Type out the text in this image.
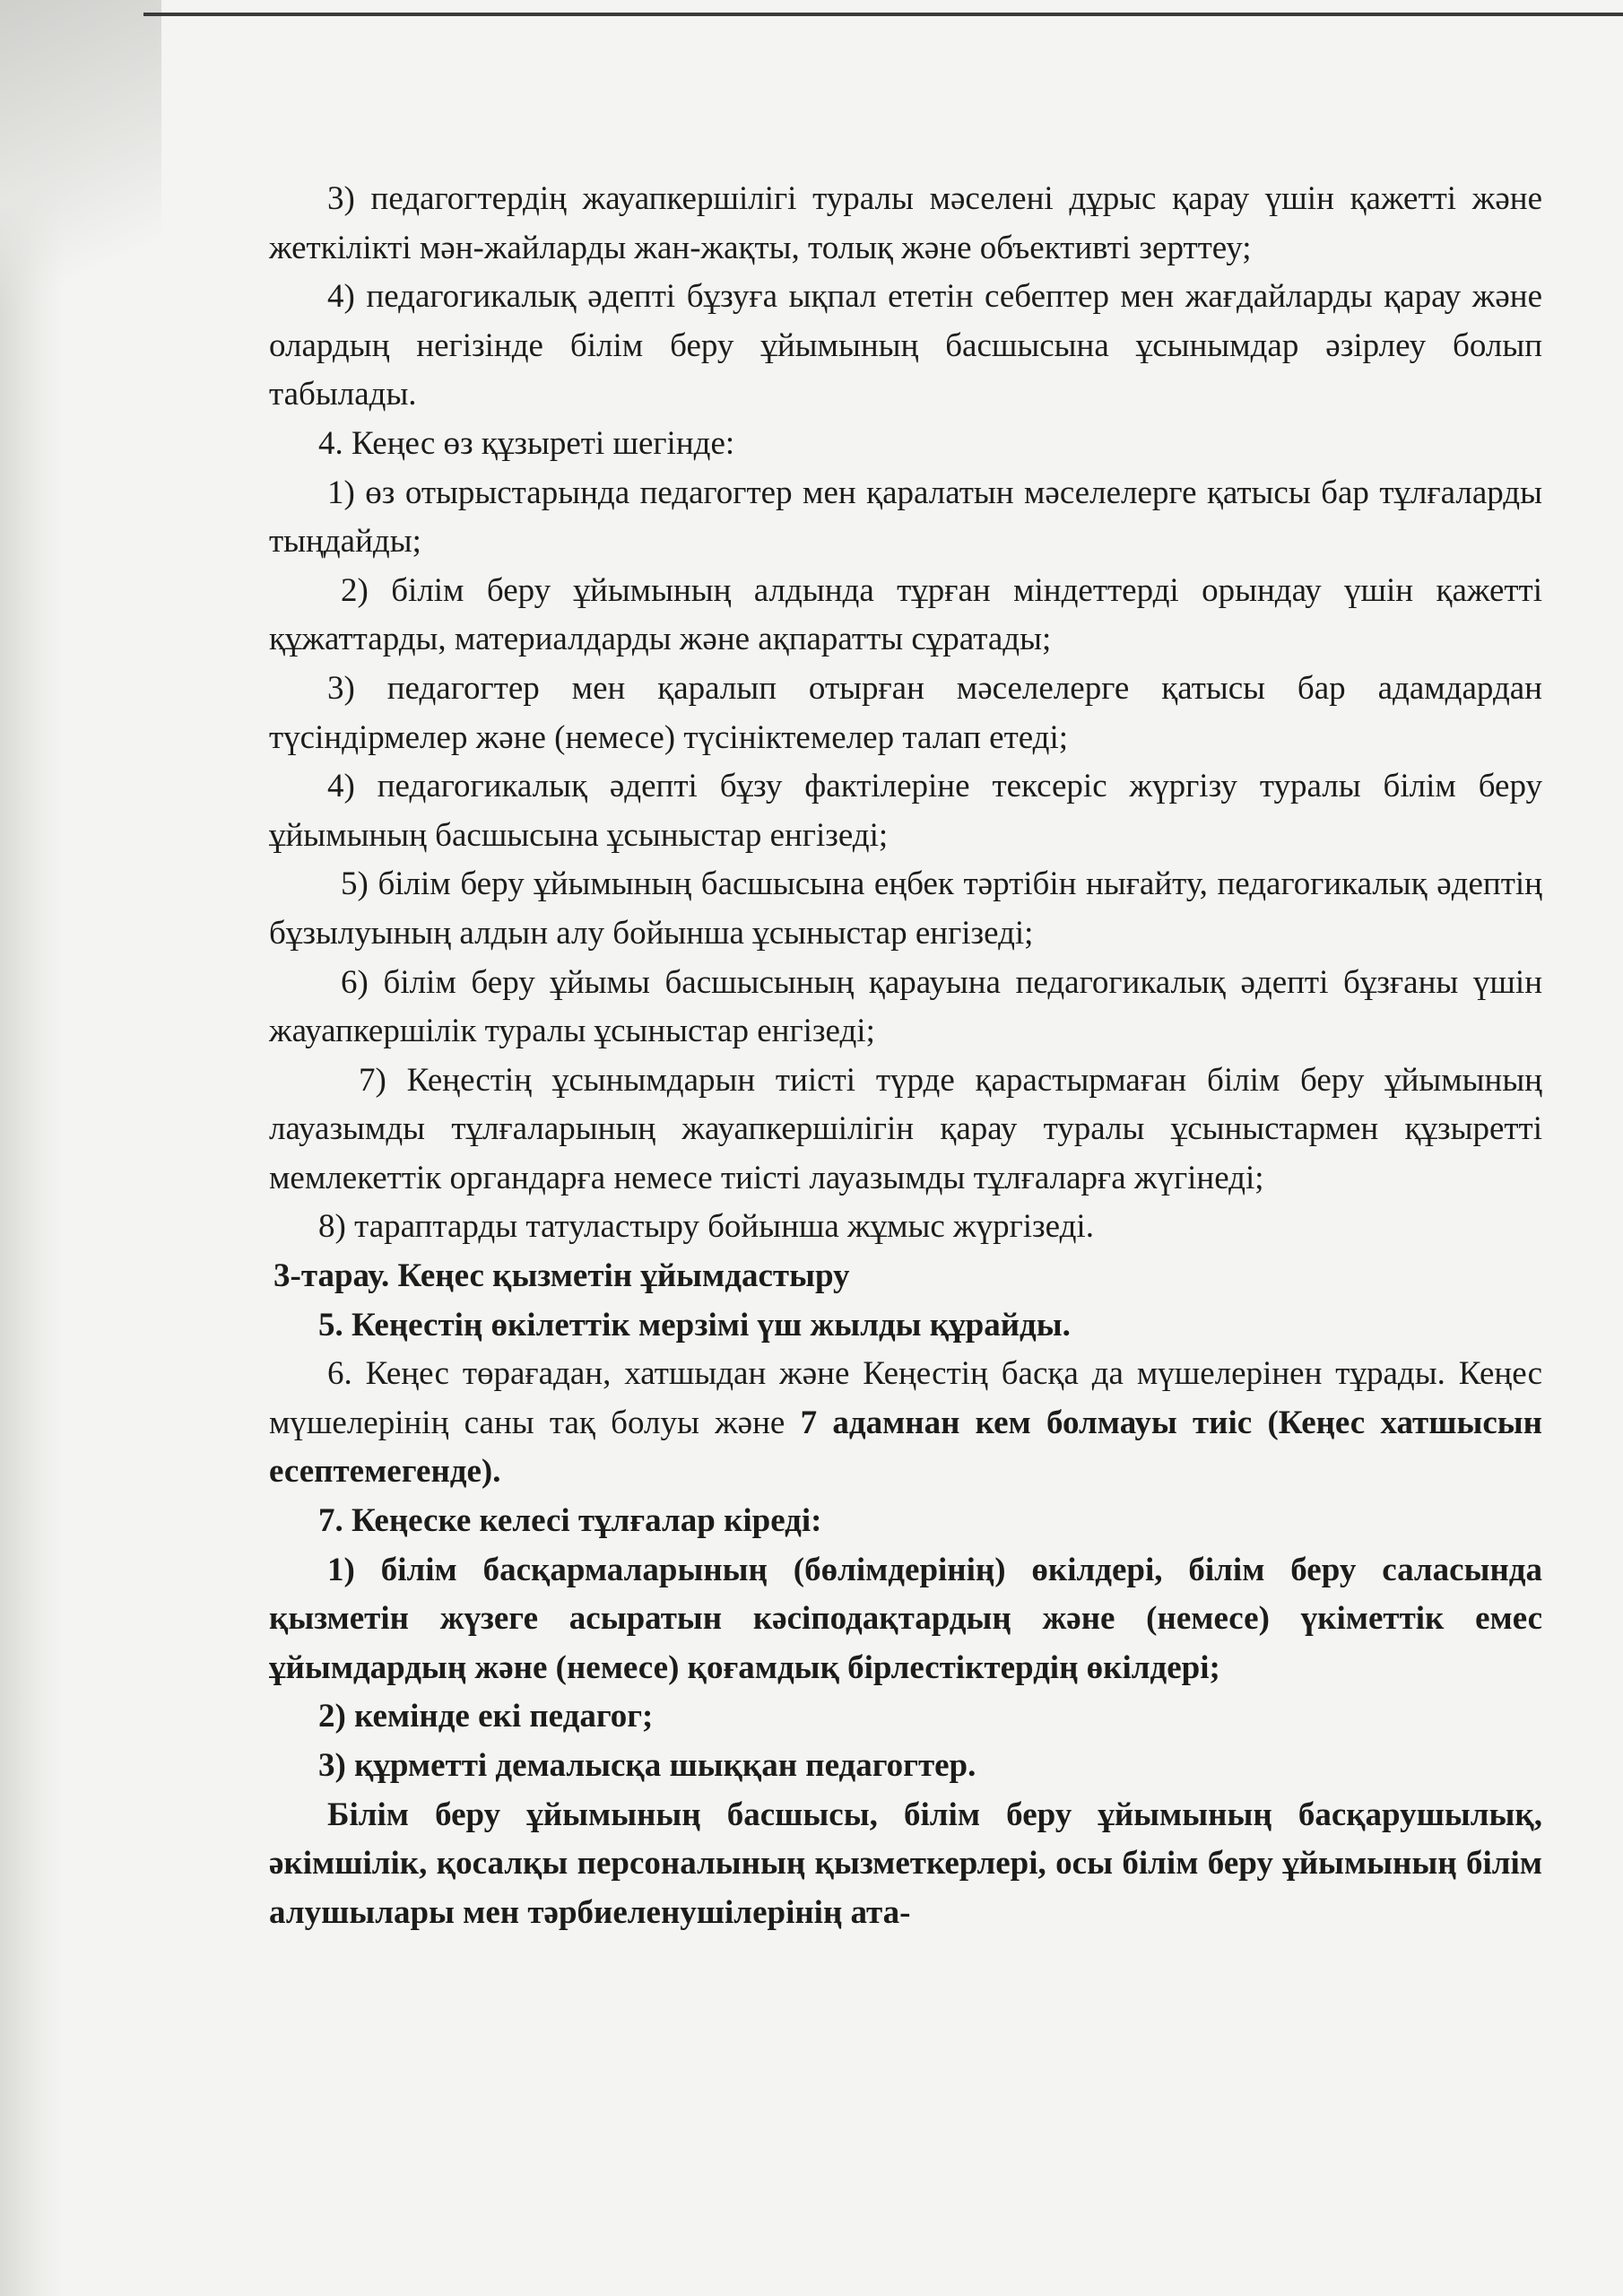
3) педагогтердің жауапкершілігі туралы мәселені дұрыс қарау үшін қажетті және жеткілікті мән-жайларды жан-жақты, толық және объективті зерттеу;

4) педагогикалық әдепті бұзуға ықпал ететін себептер мен жағдайларды қарау және олардың негізінде білім беру ұйымының басшысына ұсынымдар әзірлеу болып табылады.

4. Кеңес өз құзыреті шегінде:

1) өз отырыстарында педагогтер мен қаралатын мәселелерге қатысы бар тұлғаларды тыңдайды;

2) білім беру ұйымының алдында тұрған міндеттерді орындау үшін қажетті құжаттарды, материалдарды және ақпаратты сұратады;

3) педагогтер мен қаралып отырған мәселелерге қатысы бар адамдардан түсіндірмелер және (немесе) түсініктемелер талап етеді;

4) педагогикалық әдепті бұзу фактілеріне тексеріс жүргізу туралы білім беру ұйымының басшысына ұсыныстар енгізеді;

5) білім беру ұйымының басшысына еңбек тәртібін нығайту, педагогикалық әдептің бұзылуының алдын алу бойынша ұсыныстар енгізеді;

6) білім беру ұйымы басшысының қарауына педагогикалық әдепті бұзғаны үшін жауапкершілік туралы ұсыныстар енгізеді;

7) Кеңестің ұсынымдарын тиісті түрде қарастырмаған білім беру ұйымының лауазымды тұлғаларының жауапкершілігін қарау туралы ұсыныстармен құзыретті мемлекеттік органдарға немесе тиісті лауазымды тұлғаларға жүгінеді;

8) тараптарды татуластыру бойынша жұмыс жүргізеді.

3-тарау. Кеңес қызметін ұйымдастыру

5. Кеңестің өкілеттік мерзімі үш жылды құрайды.

6. Кеңес төрағадан, хатшыдан және Кеңестің басқа да мүшелерінен тұрады. Кеңес мүшелерінің саны тақ болуы және 7 адамнан кем болмауы тиіс (Кеңес хатшысын есептемегенде).

7. Кеңеске келесі тұлғалар кіреді:

1) білім басқармаларының (бөлімдерінің) өкілдері, білім беру саласында қызметін жүзеге асыратын кәсіподақтардың және (немесе) үкіметтік емес ұйымдардың және (немесе) қоғамдық бірлестіктердің өкілдері;

2) кемінде екі педагог;

3) құрметті демалысқа шыққан педагогтер.

Білім беру ұйымының басшысы, білім беру ұйымының басқарушылық, әкімшілік, қосалқы персоналының қызметкерлері, осы білім беру ұйымының білім алушылары мен тәрбиеленушілерінің ата-
